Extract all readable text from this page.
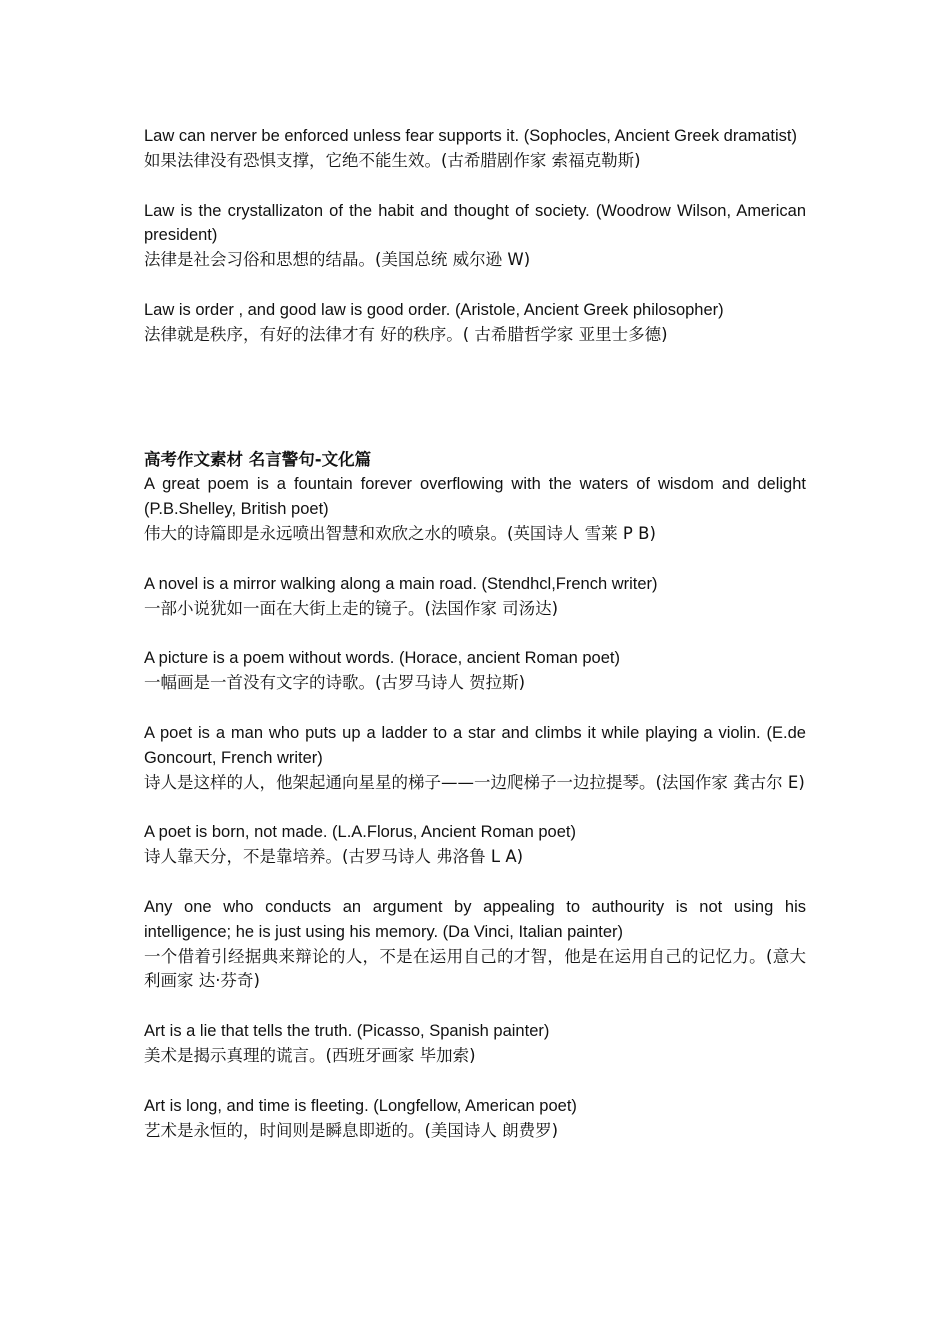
Law can nerver be enforced unless fear supports it. (Sophocles, Ancient Greek dramatist)
如果法律没有恐惧支撑，它绝不能生效。(古希腊剧作家 索福克勒斯)
Law is the crystallizaton of the habit and thought of society. (Woodrow Wilson, American president)
法律是社会习俗和思想的结晶。(美国总统 威尔逊 W)
Law is order , and good law is good order. (Aristole, Ancient Greek philosopher)
法律就是秩序，有好的法律才有 好的秩序。( 古希腊哲学家 亚里士多德)
高考作文素材 名言警句-文化篇
A great poem is a fountain forever overflowing with the waters of wisdom and delight (P.B.Shelley, British poet)
伟大的诗篇即是永远喷出智慧和欢欣之水的喷泉。(英国诗人 雪莱 P B)
A novel is a mirror walking along a main road. (Stendhcl,French writer)
一部小说犹如一面在大街上走的镜子。(法国作家 司汤达)
A picture is a poem without words. (Horace, ancient Roman poet)
一幅画是一首没有文字的诗歌。(古罗马诗人 贺拉斯)
A poet is a man who puts up a ladder to a star and climbs it while playing a violin. (E.de Goncourt, French writer)
诗人是这样的人，他架起通向星星的梯子——一边爬梯子一边拉提琴。(法国作家 龚古尔 E)
A poet is born, not made. (L.A.Florus, Ancient Roman poet)
诗人靠天分，不是靠培养。(古罗马诗人 弗洛鲁 L A)
Any one who conducts an argument by appealing to authourity is not using his intelligence; he is just using his memory. (Da Vinci, Italian painter)
一个借着引经据典来辩论的人，不是在运用自己的才智，他是在运用自己的记忆力。(意大利画家 达·芬奇)
Art is a lie that tells the truth. (Picasso, Spanish painter)
美术是揭示真理的谎言。(西班牙画家 毕加索)
Art is long, and time is fleeting. (Longfellow, American poet)
艺术是永恒的，时间则是瞬息即逝的。(美国诗人 朗费罗)
